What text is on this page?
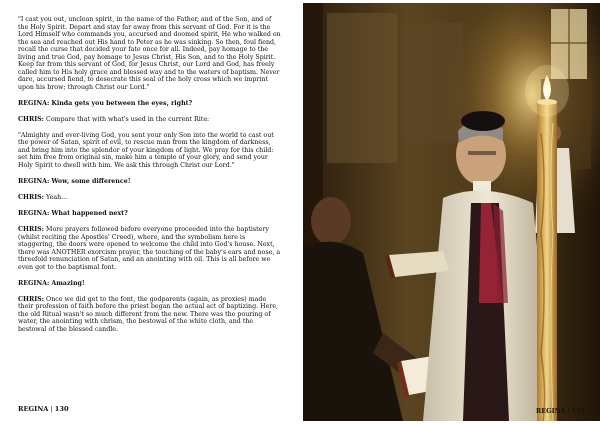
"I cast you out, unclean spirit, in the name of the Father, and of the Son, and of the Holy Spirit. Depart and stay far away from this servant of God. For it is the Lord Himself who commands you, accursed and doomed spirit, He who walked on the sea and reached out His hand to Peter as he was sinking. So then, foul fiend, recall the curse that decided your fate once for all. Indeed, pay homage to the living and true God, pay homage to Jesus Christ, His Son, and to the Holy Spirit. Keep far from this servant of God, for Jesus Christ, our Lord and God, has freely called him to His holy grace and blessed way and to the waters of baptism. Never dare, accursed fiend, to desecrate this seal of the holy cross which we imprint upon his brow; through Christ our Lord."

REGINA: Kinda gets you between the eyes, right?

CHRIS: Compare that with what's used in the current Rite:

"Almighty and ever-living God, you sent your only Son into the world to cast out the power of Satan, spirit of evil, to rescue man from the kingdom of darkness, and bring him into the splendor of your kingdom of light. We pray for this child: set him free from original sin, make him a temple of your glory, and send your Holy Spirit to dwell with him. We ask this through Christ our Lord."

REGINA: Wow, some difference!

CHRIS: Yeah...

REGINA: What happened next?

CHRIS: More prayers followed before everyone proceeded into the baptistery (whilst reciting the Apostles' Creed), where, and the symbolism here is staggering, the doors were opened to welcome the child into God's house. Next, there was ANOTHER exorcism prayer, the touching of the baby's ears and nose, a threefold renunciation of Satan, and an anointing with oil. This is all before we even got to the baptismal font.

REGINA: Amazing!

CHRIS: Once we did get to the font, the godparents (again, as proxies) made their profession of faith before the priest began the actual act of baptizing. Here, the old Ritual wasn't so much different from the new. There was the pouring of water, the anointing with chrism, the bestowal of the white cloth, and the bestowal of the blessed candle.

REGINA | 130	REGINA | 131
